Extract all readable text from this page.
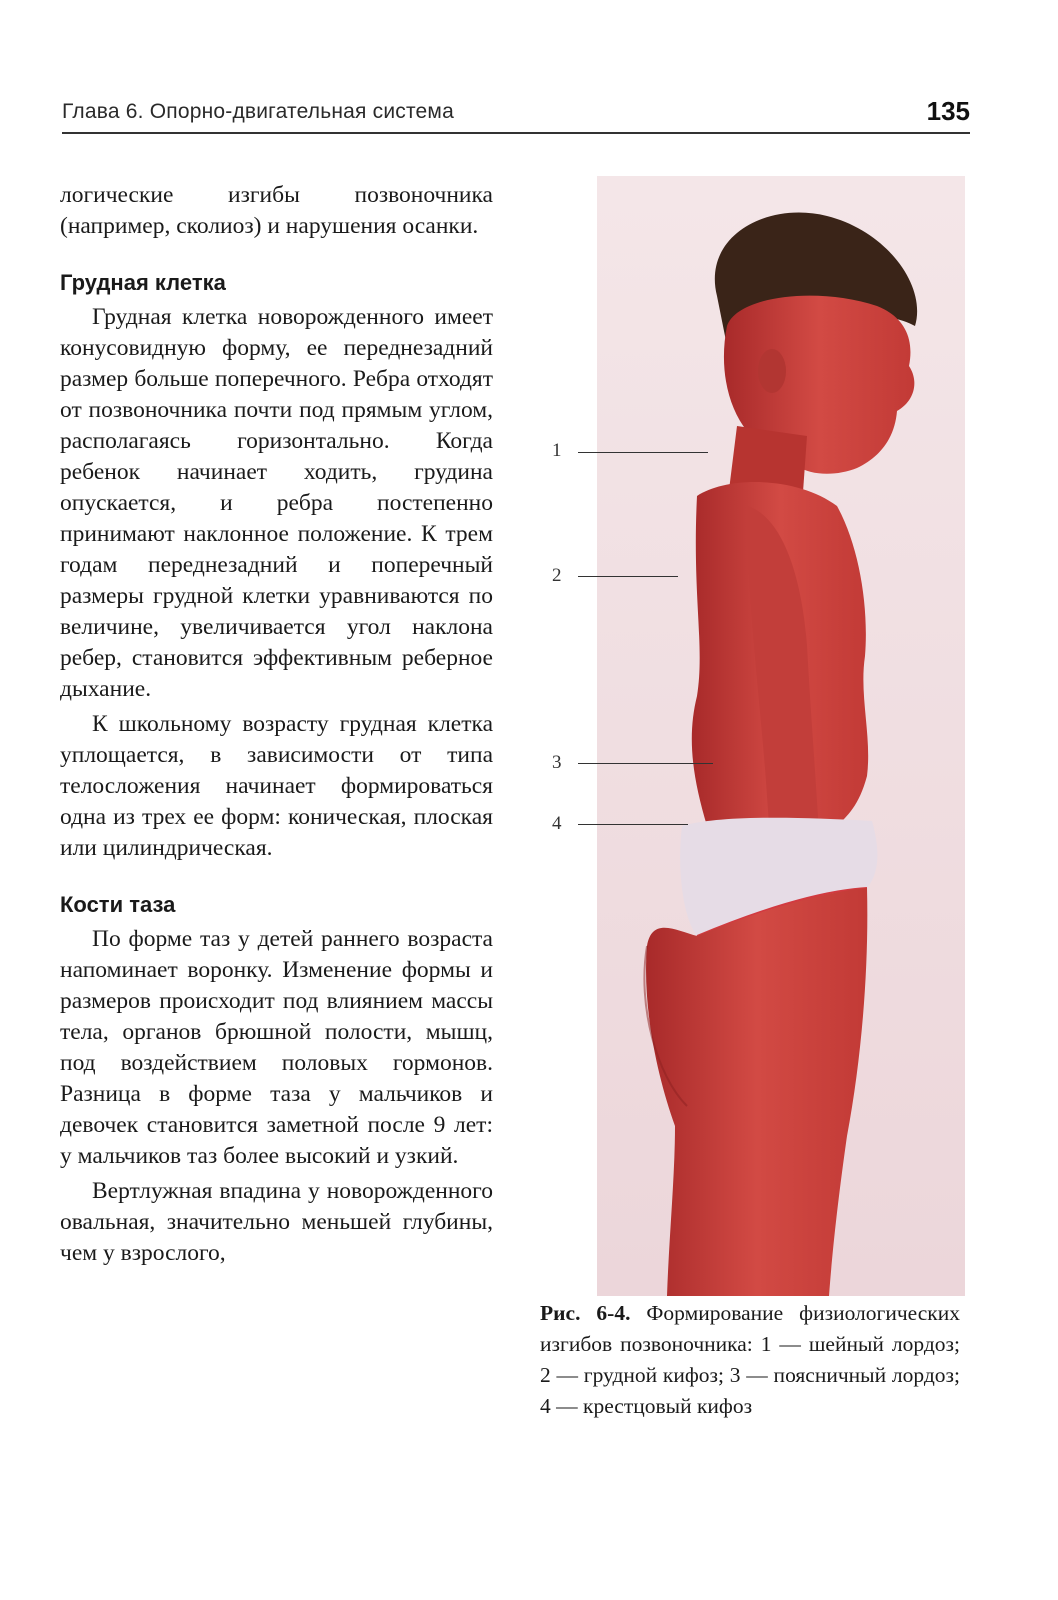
Глава 6. Опорно-двигательная система	135

логические изгибы позвоночника (например, сколиоз) и нарушения осанки.

Грудная клетка

Грудная клетка новорожденного имеет конусовидную форму, ее переднезадний размер больше поперечного. Ребра отходят от позвоночника почти под прямым углом, располагаясь горизонтально. Когда ребенок начинает ходить, грудина опускается, и ребра постепенно принимают наклонное положение. К трем годам переднезадний и поперечный размеры грудной клетки уравниваются по величине, увеличивается угол наклона ребер, становится эффективным реберное дыхание.

К школьному возрасту грудная клетка уплощается, в зависимости от типа телосложения начинает формироваться одна из трех ее форм: коническая, плоская или цилиндрическая.

Кости таза

По форме таз у детей раннего возраста напоминает воронку. Изменение формы и размеров происходит под влиянием массы тела, органов брюшной полости, мышц, под воздействием половых гормонов. Разница в форме таза у мальчиков и девочек становится заметной после 9 лет: у мальчиков таз более высокий и узкий.

Вертлужная впадина у новорожденного овальная, значительно меньшей глубины, чем у взрослого,

1
2
3
4
Рис. 6-4. Формирование физиологических изгибов позвоночника: 1 — шейный лордоз; 2 — грудной кифоз; 3 — поясничный лордоз; 4 — крестцовый кифоз
